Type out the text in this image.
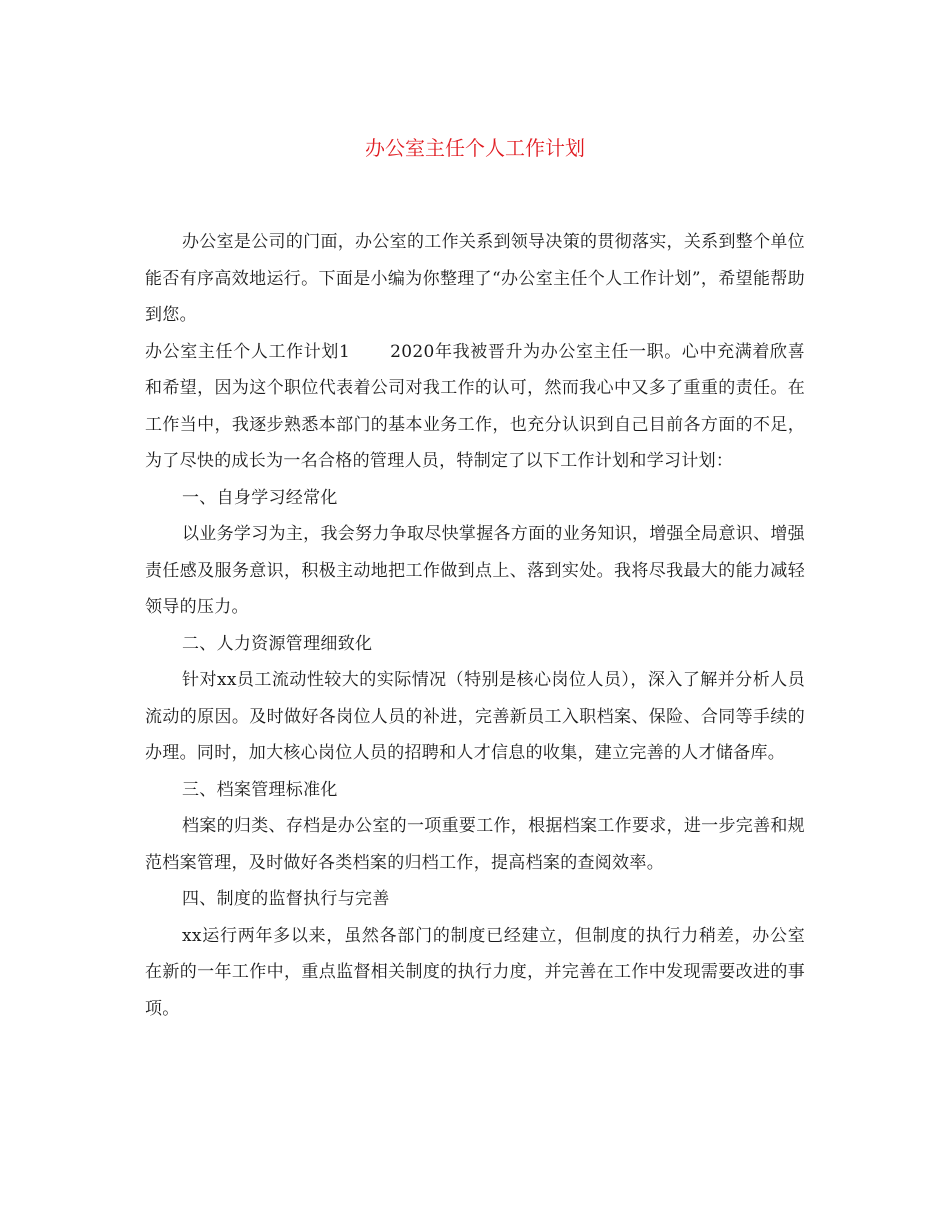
办公室主任个人工作计划

办公室是公司的门面，办公室的工作关系到领导决策的贯彻落实，关系到整个单位能否有序高效地运行。下面是小编为你整理了“办公室主任个人工作计划”，希望能帮助到您。

办公室主任个人工作计划1 2020年我被晋升为办公室主任一职。心中充满着欣喜和希望，因为这个职位代表着公司对我工作的认可，然而我心中又多了重重的责任。在工作当中，我逐步熟悉本部门的基本业务工作，也充分认识到自己目前各方面的不足，为了尽快的成长为一名合格的管理人员，特制定了以下工作计划和学习计划：

一、自身学习经常化

以业务学习为主，我会努力争取尽快掌握各方面的业务知识，增强全局意识、增强责任感及服务意识，积极主动地把工作做到点上、落到实处。我将尽我最大的能力减轻领导的压力。

二、人力资源管理细致化

针对xx员工流动性较大的实际情况（特别是核心岗位人员），深入了解并分析人员流动的原因。及时做好各岗位人员的补进，完善新员工入职档案、保险、合同等手续的办理。同时，加大核心岗位人员的招聘和人才信息的收集，建立完善的人才储备库。

三、档案管理标准化

档案的归类、存档是办公室的一项重要工作，根据档案工作要求，进一步完善和规范档案管理，及时做好各类档案的归档工作，提高档案的查阅效率。

四、制度的监督执行与完善

xx运行两年多以来，虽然各部门的制度已经建立，但制度的执行力稍差，办公室在新的一年工作中，重点监督相关制度的执行力度，并完善在工作中发现需要改进的事项。
